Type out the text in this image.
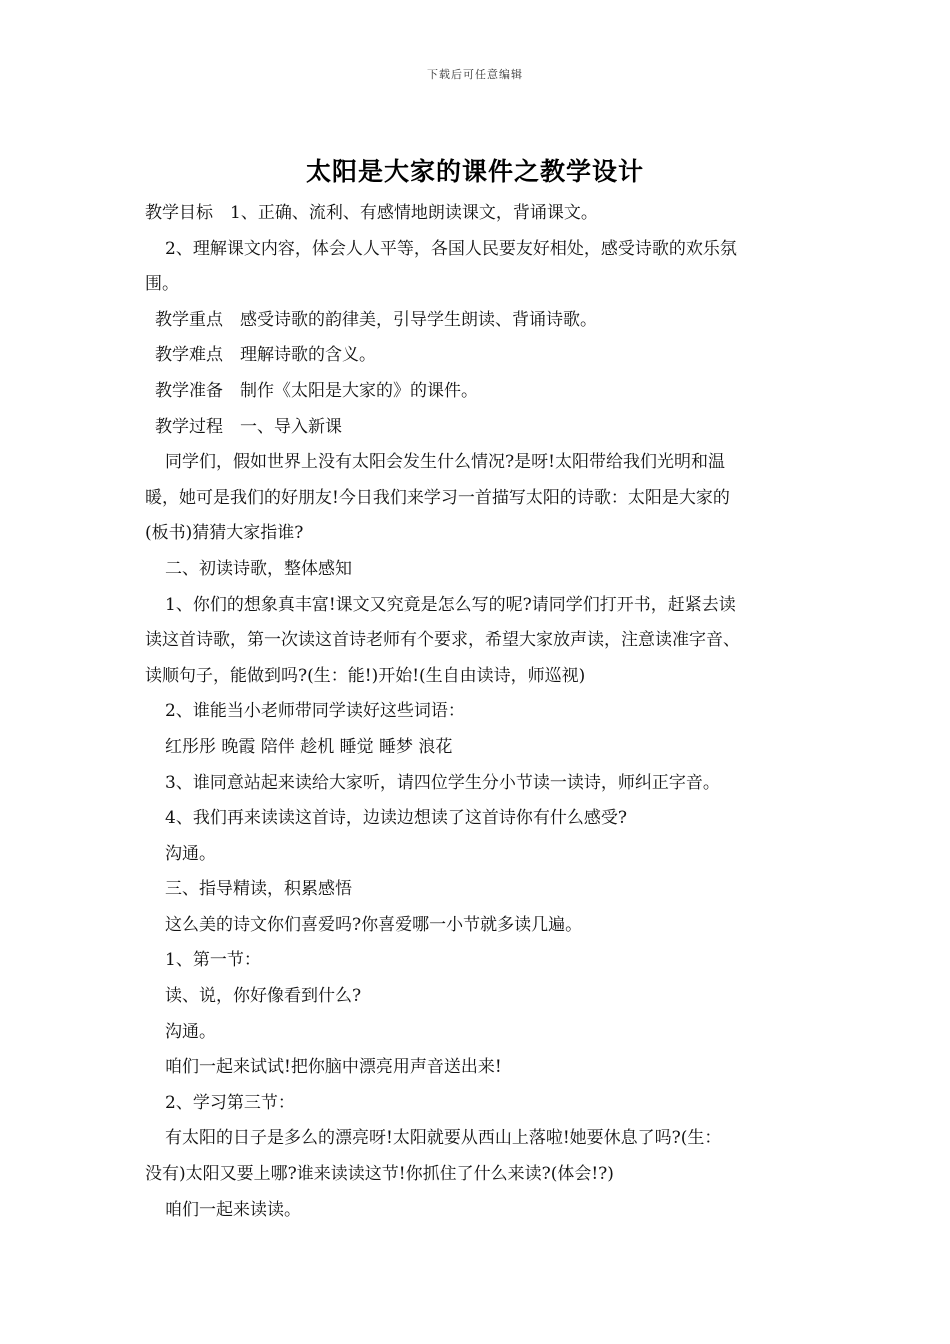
下载后可任意编辑
太阳是大家的课件之教学设计
教学目标　1、正确、流利、有感情地朗读课文，背诵课文。
2、理解课文内容，体会人人平等，各国人民要友好相处，感受诗歌的欢乐氛
围。
教学重点　感受诗歌的韵律美，引导学生朗读、背诵诗歌。
教学难点　理解诗歌的含义。
教学准备　制作《太阳是大家的》的课件。
教学过程　一、导入新课
同学们，假如世界上没有太阳会发生什么情况?是呀!太阳带给我们光明和温
暖，她可是我们的好朋友!今日我们来学习一首描写太阳的诗歌：太阳是大家的
(板书)猜猜大家指谁?
二、初读诗歌，整体感知
1、你们的想象真丰富!课文又究竟是怎么写的呢?请同学们打开书，赶紧去读
读这首诗歌，第一次读这首诗老师有个要求，希望大家放声读，注意读准字音、
读顺句子，能做到吗?(生：能!)开始!(生自由读诗，师巡视)
2、谁能当小老师带同学读好这些词语：
红彤彤 晚霞 陪伴 趁机 睡觉 睡梦 浪花
3、谁同意站起来读给大家听，请四位学生分小节读一读诗，师纠正字音。
4、我们再来读读这首诗，边读边想读了这首诗你有什么感受?
沟通。
三、指导精读，积累感悟
这么美的诗文你们喜爱吗?你喜爱哪一小节就多读几遍。
1、第一节：
读、说，你好像看到什么?
沟通。
咱们一起来试试!把你脑中漂亮用声音送出来!
2、学习第三节：
有太阳的日子是多么的漂亮呀!太阳就要从西山上落啦!她要休息了吗?(生：
没有)太阳又要上哪?谁来读读这节!你抓住了什么来读?(体会!?)
咱们一起来读读。
